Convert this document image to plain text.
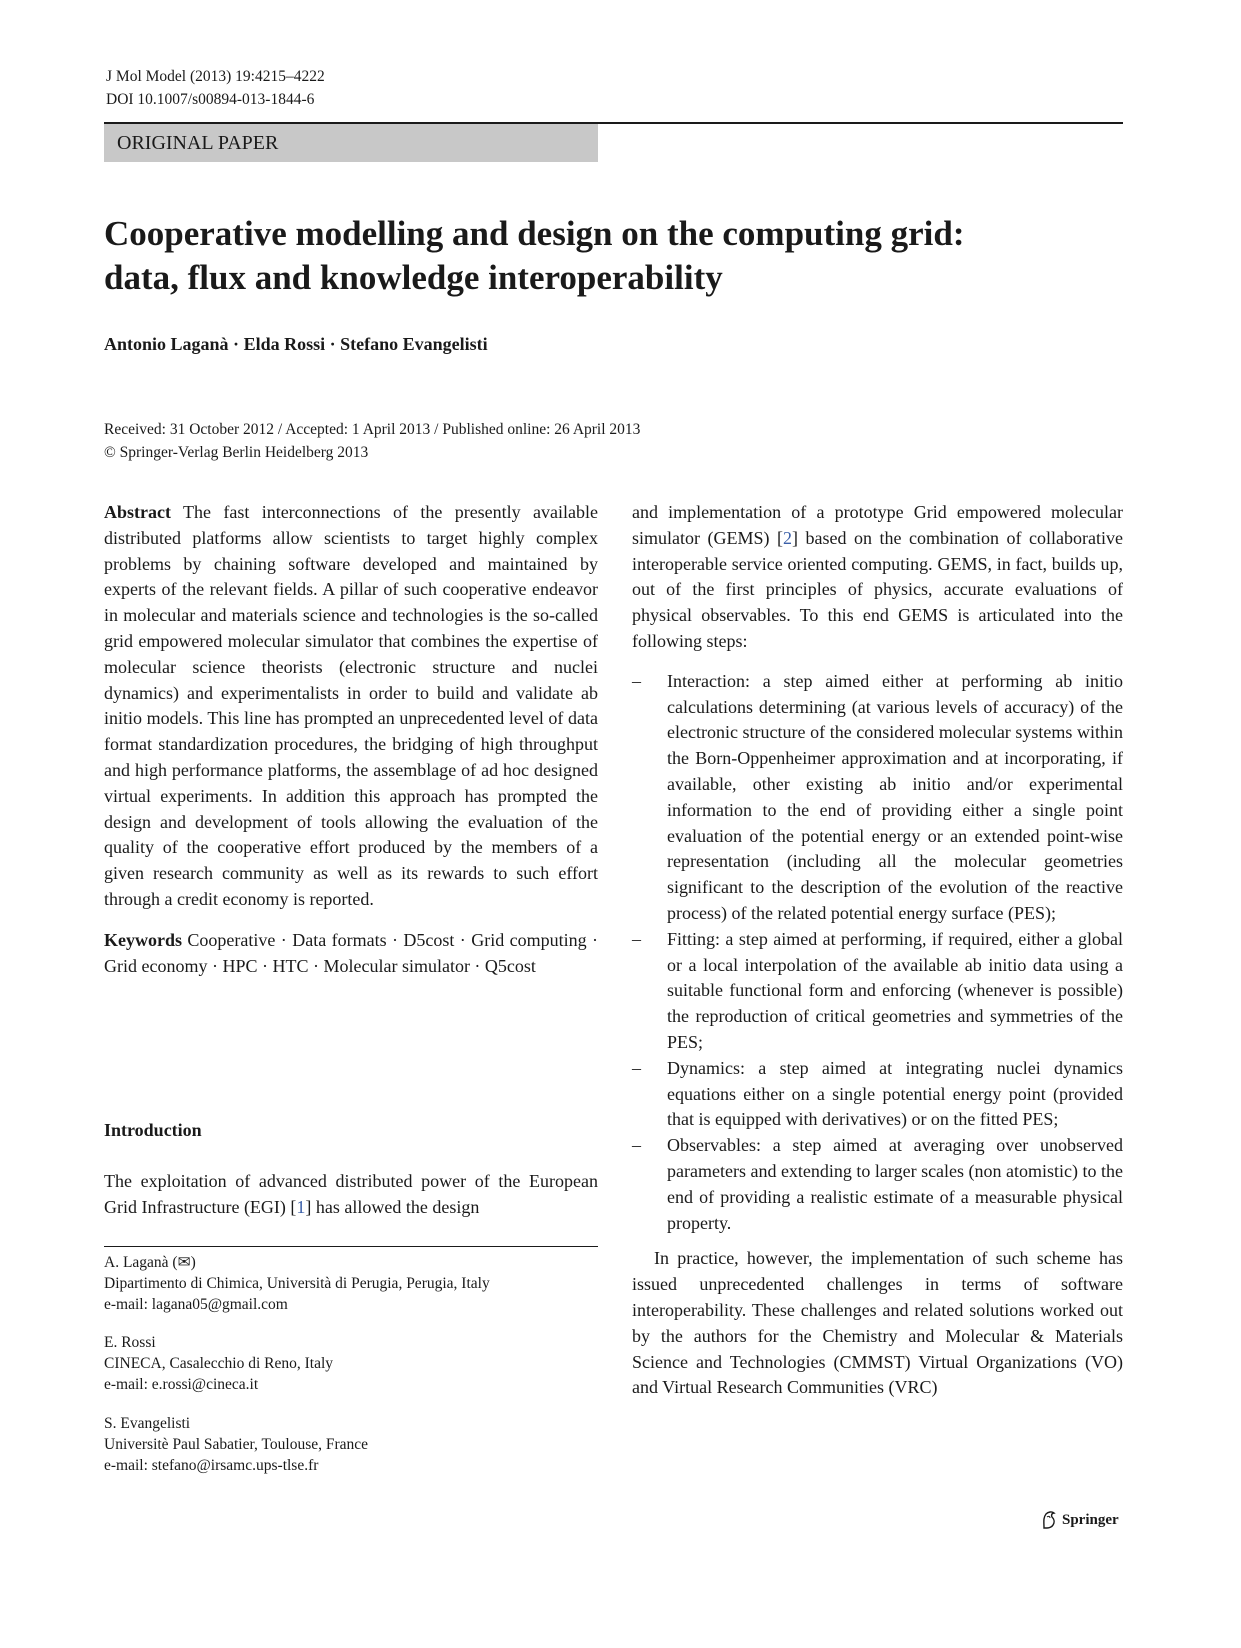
J Mol Model (2013) 19:4215–4222
DOI 10.1007/s00894-013-1844-6
ORIGINAL PAPER
Cooperative modelling and design on the computing grid:
data, flux and knowledge interoperability
Antonio Laganà · Elda Rossi · Stefano Evangelisti
Received: 31 October 2012 / Accepted: 1 April 2013 / Published online: 26 April 2013
© Springer-Verlag Berlin Heidelberg 2013

Abstract The fast interconnections of the presently available distributed platforms allow scientists to target highly complex problems by chaining software developed and maintained by experts of the relevant fields. A pillar of such cooperative endeavor in molecular and materials science and technologies is the so-called grid empowered molecular simulator that combines the expertise of molecular science theorists (electronic structure and nuclei dynamics) and experimentalists in order to build and validate ab initio models. This line has prompted an unprecedented level of data format standardization procedures, the bridging of high throughput and high performance platforms, the assemblage of ad hoc designed virtual experiments. In addition this approach has prompted the design and development of tools allowing the evaluation of the quality of the cooperative effort produced by the members of a given research community as well as its rewards to such effort through a credit economy is reported.

Keywords Cooperative · Data formats · D5cost · Grid computing · Grid economy · HPC · HTC · Molecular simulator · Q5cost

Introduction

The exploitation of advanced distributed power of the European Grid Infrastructure (EGI) [1] has allowed the design

A. Laganà (✉)
Dipartimento di Chimica, Università di Perugia, Perugia, Italy
e-mail: lagana05@gmail.com
E. Rossi
CINECA, Casalecchio di Reno, Italy
e-mail: e.rossi@cineca.it
S. Evangelisti
Universitè Paul Sabatier, Toulouse, France
e-mail: stefano@irsamc.ups-tlse.fr

and implementation of a prototype Grid empowered molecular simulator (GEMS) [2] based on the combination of collaborative interoperable service oriented computing. GEMS, in fact, builds up, out of the first principles of physics, accurate evaluations of physical observables. To this end GEMS is articulated into the following steps:

– Interaction: a step aimed either at performing ab initio calculations determining (at various levels of accuracy) of the electronic structure of the considered molecular systems within the Born-Oppenheimer approximation and at incorporating, if available, other existing ab initio and/or experimental information to the end of providing either a single point evaluation of the potential energy or an extended point-wise representation (including all the molecular geometries significant to the description of the evolution of the reactive process) of the related potential energy surface (PES);
– Fitting: a step aimed at performing, if required, either a global or a local interpolation of the available ab initio data using a suitable functional form and enforcing (whenever is possible) the reproduction of critical geometries and symmetries of the PES;
– Dynamics: a step aimed at integrating nuclei dynamics equations either on a single potential energy point (provided that is equipped with derivatives) or on the fitted PES;
– Observables: a step aimed at averaging over unobserved parameters and extending to larger scales (non atomistic) to the end of providing a realistic estimate of a measurable physical property.

In practice, however, the implementation of such scheme has issued unprecedented challenges in terms of software interoperability. These challenges and related solutions worked out by the authors for the Chemistry and Molecular & Materials Science and Technologies (CMMST) Virtual Organizations (VO) and Virtual Research Communities (VRC)

Springer
